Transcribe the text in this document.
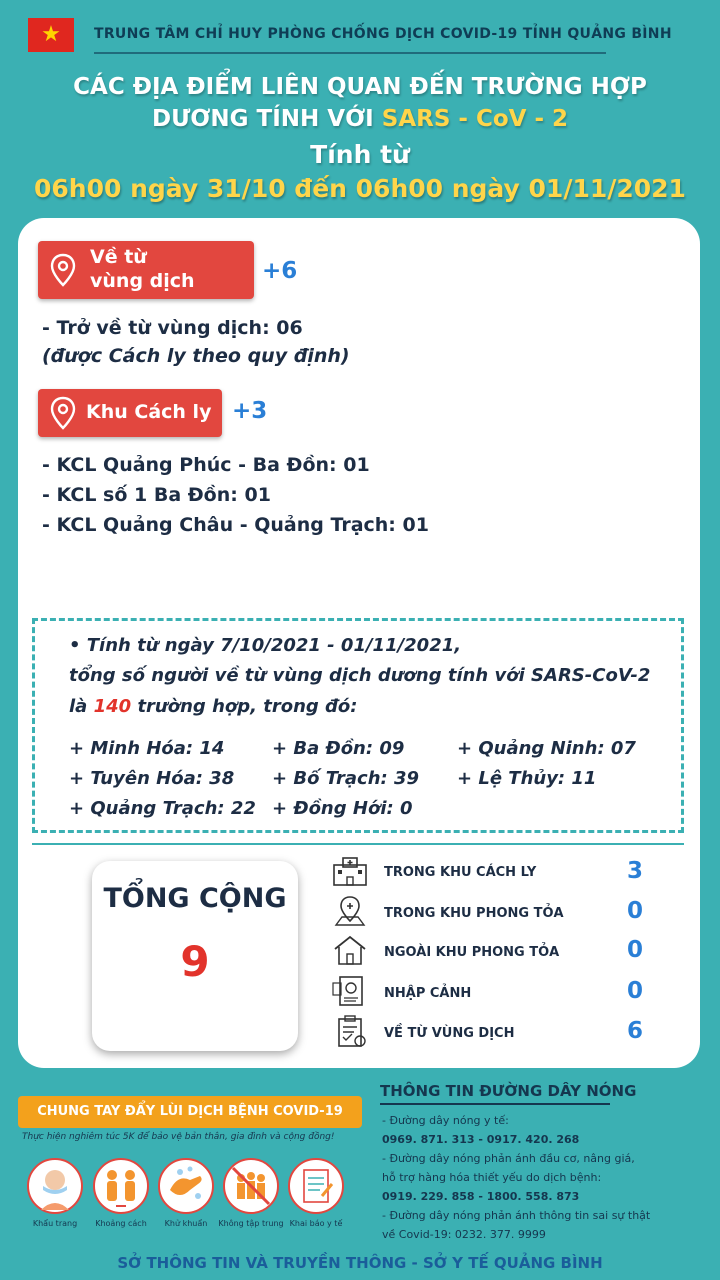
★	TRUNG TÂM CHỈ HUY PHÒNG CHỐNG DỊCH COVID-19 TỈNH QUẢNG BÌNH
CÁC ĐỊA ĐIỂM LIÊN QUAN ĐẾN TRƯỜNG HỢP
DƯƠNG TÍNH VỚI SARS - CoV - 2
Tính từ
06h00 ngày 31/10 đến 06h00 ngày 01/11/2021
Về từ
vùng dịch	+6
- Trở về từ vùng dịch: 06
(được Cách ly theo quy định)
Khu Cách ly +3
- KCL Quảng Phúc - Ba Đồn: 01
- KCL số 1 Ba Đồn: 01
- KCL Quảng Châu - Quảng Trạch: 01
• Tính từ ngày 7/10/2021 - 01/11/2021,
tổng số người về từ vùng dịch dương tính với SARS-CoV-2
là 140 trường hợp, trong đó:
+ Minh Hóa: 14	+ Ba Đồn: 09	+ Quảng Ninh: 07
+ Tuyên Hóa: 38 + Bố Trạch: 39 + Lệ Thủy: 11
+ Quảng Trạch: 22 + Đồng Hới: 0
TỔNG CỘNG
9
TRONG KHU CÁCH LY	3
TRONG KHU PHONG TỎA	0
NGOÀI KHU PHONG TỎA	0
NHẬP CẢNH	0
VỀ TỪ VÙNG DỊCH	6
CHUNG TAY ĐẨY LÙI DỊCH BỆNH COVID-19
Thực hiện nghiêm túc 5K để bảo vệ bản thân, gia đình và cộng đồng!
Khẩu trang	Khoảng cách	Khử khuẩn	Không tập trung Khai báo y tế
THÔNG TIN ĐƯỜNG DÂY NÓNG
- Đường dây nóng y tế:
0969. 871. 313 - 0917. 420. 268
- Đường dây nóng phản ánh đầu cơ, nâng giá,
hỗ trợ hàng hóa thiết yếu do dịch bệnh:
0919. 229. 858 - 1800. 558. 873
- Đường dây nóng phản ánh thông tin sai sự thật
về Covid-19: 0232. 377. 9999
SỞ THÔNG TIN VÀ TRUYỀN THÔNG - SỞ Y TẾ QUẢNG BÌNH
